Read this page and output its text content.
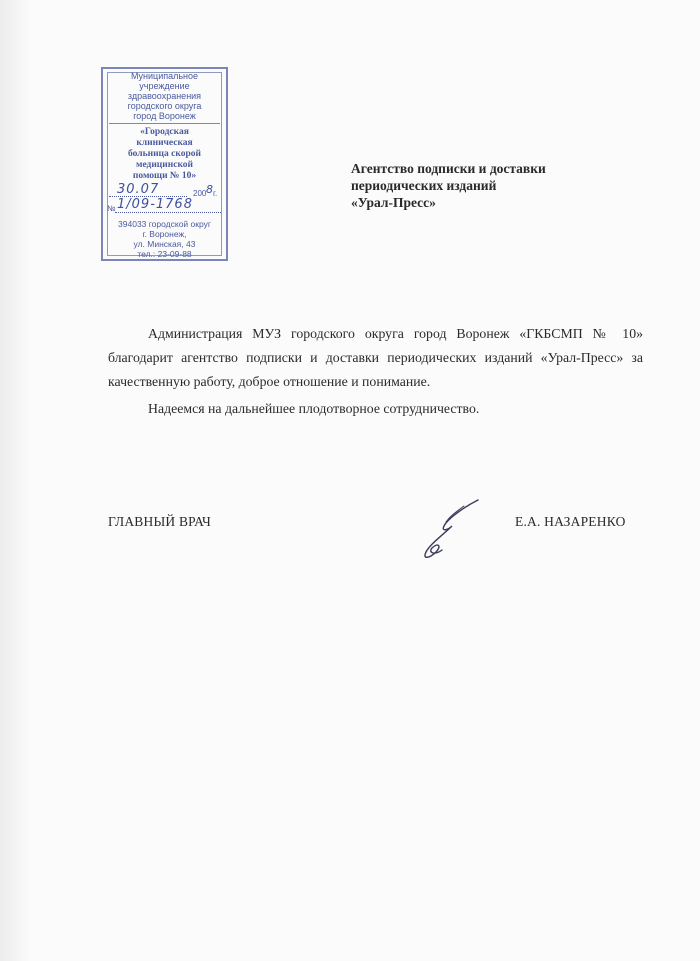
Муниципальное
учреждение
здравоохранения
городского округа
город Воронеж
«Городская
клиническая
больница скорой
медицинской
помощи № 10»
30.07	200 8 г.
№ 1/09-1768
394033 городской округ
г. Воронеж,
ул. Минская, 43
тел.: 23-09-88
Агентство подписки и доставки
периодических изданий
«Урал-Пресс»

Администрация МУЗ городского округа город Воронеж «ГКБСМП № 10» благодарит агентство подписки и доставки периодических изданий «Урал-Пресс» за качественную работу, доброе отношение и понимание.

Надеемся на дальнейшее плодотворное сотрудничество.

ГЛАВНЫЙ ВРАЧ	Е.А. НАЗАРЕНКО
